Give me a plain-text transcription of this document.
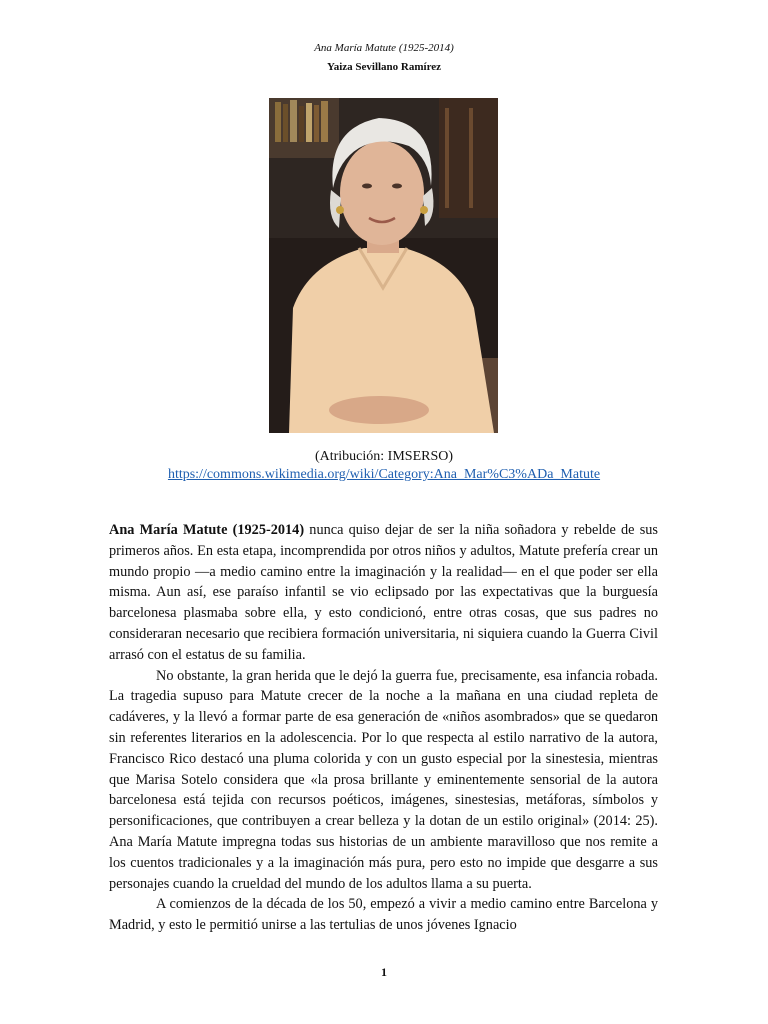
Ana María Matute (1925-2014)
Yaiza Sevillano Ramírez
(Atribución: IMSERSO)
https://commons.wikimedia.org/wiki/Category:Ana_Mar%C3%ADa_Matute

Ana María Matute (1925-2014) nunca quiso dejar de ser la niña soñadora y rebelde de sus primeros años. En esta etapa, incomprendida por otros niños y adultos, Matute prefería crear un mundo propio —a medio camino entre la imaginación y la realidad— en el que poder ser ella misma. Aun así, ese paraíso infantil se vio eclipsado por las expectativas que la burguesía barcelonesa plasmaba sobre ella, y esto condicionó, entre otras cosas, que sus padres no consideraran necesario que recibiera formación universitaria, ni siquiera cuando la Guerra Civil arrasó con el estatus de su familia.

No obstante, la gran herida que le dejó la guerra fue, precisamente, esa infancia robada. La tragedia supuso para Matute crecer de la noche a la mañana en una ciudad repleta de cadáveres, y la llevó a formar parte de esa generación de «niños asombrados» que se quedaron sin referentes literarios en la adolescencia. Por lo que respecta al estilo narrativo de la autora, Francisco Rico destacó una pluma colorida y con un gusto especial por la sinestesia, mientras que Marisa Sotelo considera que «la prosa brillante y eminentemente sensorial de la autora barcelonesa está tejida con recursos poéticos, imágenes, sinestesias, metáforas, símbolos y personificaciones, que contribuyen a crear belleza y la dotan de un estilo original» (2014: 25). Ana María Matute impregna todas sus historias de un ambiente maravilloso que nos remite a los cuentos tradicionales y a la imaginación más pura, pero esto no impide que desgarre a sus personajes cuando la crueldad del mundo de los adultos llama a su puerta.

A comienzos de la década de los 50, empezó a vivir a medio camino entre Barcelona y Madrid, y esto le permitió unirse a las tertulias de unos jóvenes Ignacio

1
